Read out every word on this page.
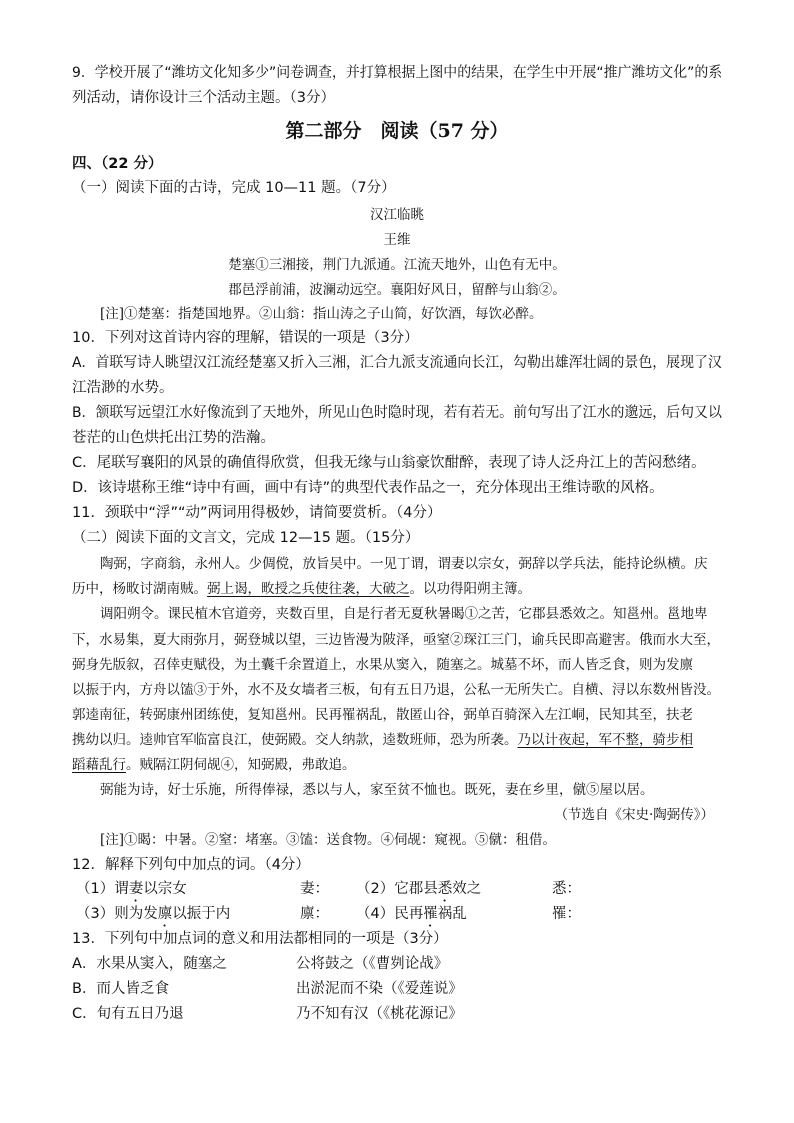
9．学校开展了“潍坊文化知多少”问卷调查，并打算根据上图中的结果，在学生中开展“推广潍坊文化”的系
列活动，请你设计三个活动主题。（3分）
第二部分　阅读（57 分）
四、（22 分）
（一）阅读下面的古诗，完成 10—11 题。（7分）
汉江临眺
王维
楚塞①三湘接，荆门九派通。江流天地外，山色有无中。
郡邑浮前浦，波澜动远空。襄阳好风日，留醉与山翁②。
[注]①楚塞：指楚国地界。②山翁：指山涛之子山简，好饮酒，每饮必醉。
10．下列对这首诗内容的理解，错误的一项是（3分）
A．首联写诗人眺望汉江流经楚塞又折入三湘，汇合九派支流通向长江，勾勒出雄浑壮阔的景色，展现了汉
江浩渺的水势。
B．颔联写远望江水好像流到了天地外，所见山色时隐时现，若有若无。前句写出了江水的邈远，后句又以
苍茫的山色烘托出江势的浩瀚。
C．尾联写襄阳的风景的确值得欣赏，但我无缘与山翁豪饮酣醉，表现了诗人泛舟江上的苦闷愁绪。
D．该诗堪称王维“诗中有画，画中有诗”的典型代表作品之一，充分体现出王维诗歌的风格。
11．颈联中“浮”“动”两词用得极妙，请简要赏析。（4分）
（二）阅读下面的文言文，完成 12—15 题。（15分）
陶弼，字商翁，永州人。少倜傥，放旨吴中。一见丁谓，谓妻以宗女，弼辞以学兵法，能持论纵横。庆
历中，杨畋讨湖南贼。弼上谒，畋授之兵使往袭，大破之。以功得阳朔主簿。
调阳朔令。课民植木官道旁，夹数百里，自是行者无夏秋暑暍①之苦，它郡县悉效之。知邕州。邕地卑
下，水易集，夏大雨弥月，弼登城以望，三边皆漫为陂泽，亟窒②琛江三门，谕兵民即高避害。俄而水大至，
弼身先版叙，召倖吏赋役，为土囊千余置道上，水果从窦入，随塞之。城墓不坏，而人皆乏食，则为发廪
以振于内，方舟以馌③于外，水不及女墙者三板，旬有五日乃退，公私一无所失亡。自横、浔以东数州皆没。
郭逵南征，转弼康州团练使，复知邕州。民再罹祸乱，散匿山谷，弼单百骑深入左江峒，民知其至，扶老
携幼以归。逵帅官军临富良江，使弼殿。交人纳款，逵数班师，恐为所袭。乃以计夜起，军不整，骑步相
蹈藉乱行。贼隔江阴伺觇④，知弼殿，弗敢追。
弼能为诗，好士乐施，所得俸禄，悉以与人，家至贫不恤也。既死，妻在乡里，僦⑤屋以居。
（节选自《宋史·陶弼传》）
[注]①暍：中暑。②窒：堵塞。③馌：送食物。④伺觇：窥视。⑤僦：租借。
12．解释下列句中加点的词。（4分）
（1）谓妻以宗女	妻： （2）它郡县悉效之	悉：
（3）则为发廪以振于内	廪： （4）民再罹祸乱	罹：
13．下列句中加点词的意义和用法都相同的一项是（3分）
A．水果从窦入，随塞之	公将鼓之（《曹刿论战》
B．而人皆乏食	出淤泥而不染（《爱莲说》
C．旬有五日乃退	乃不知有汉（《桃花源记》
